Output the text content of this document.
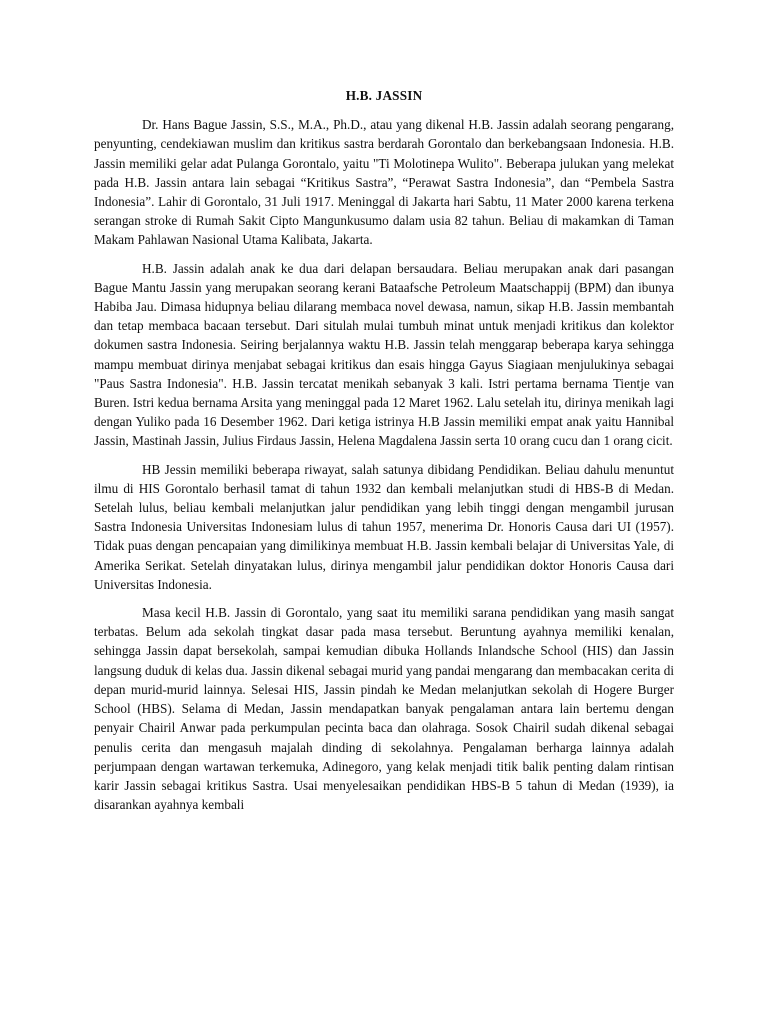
H.B. JASSIN

Dr. Hans Bague Jassin, S.S., M.A., Ph.D., atau yang dikenal H.B. Jassin adalah seorang pengarang, penyunting, cendekiawan muslim dan kritikus sastra berdarah Gorontalo dan berkebangsaan Indonesia. H.B. Jassin memiliki gelar adat Pulanga Gorontalo, yaitu "Ti Molotinepa Wulito". Beberapa julukan yang melekat pada H.B. Jassin antara lain sebagai “Kritikus Sastra”, “Perawat Sastra Indonesia”, dan “Pembela Sastra Indonesia”. Lahir di Gorontalo, 31 Juli 1917. Meninggal di Jakarta hari Sabtu, 11 Mater 2000 karena terkena serangan stroke di Rumah Sakit Cipto Mangunkusumo dalam usia 82 tahun. Beliau di makamkan di Taman Makam Pahlawan Nasional Utama Kalibata, Jakarta.

H.B. Jassin adalah anak ke dua dari delapan bersaudara. Beliau merupakan anak dari pasangan Bague Mantu Jassin yang merupakan seorang kerani Bataafsche Petroleum Maatschappij (BPM) dan ibunya Habiba Jau. Dimasa hidupnya beliau dilarang membaca novel dewasa, namun, sikap H.B. Jassin membantah dan tetap membaca bacaan tersebut. Dari situlah mulai tumbuh minat untuk menjadi kritikus dan kolektor dokumen sastra Indonesia. Seiring berjalannya waktu H.B. Jassin telah menggarap beberapa karya sehingga mampu membuat dirinya menjabat sebagai kritikus dan esais hingga Gayus Siagiaan menjulukinya sebagai "Paus Sastra Indonesia". H.B. Jassin tercatat menikah sebanyak 3 kali. Istri pertama bernama Tientje van Buren. Istri kedua bernama Arsita yang meninggal pada 12 Maret 1962. Lalu setelah itu, dirinya menikah lagi dengan Yuliko pada 16 Desember 1962. Dari ketiga istrinya H.B Jassin memiliki empat anak yaitu Hannibal Jassin, Mastinah Jassin, Julius Firdaus Jassin, Helena Magdalena Jassin serta 10 orang cucu dan 1 orang cicit.

HB Jessin memiliki beberapa riwayat, salah satunya dibidang Pendidikan. Beliau dahulu menuntut ilmu di HIS Gorontalo berhasil tamat di tahun 1932 dan kembali melanjutkan studi di HBS-B di Medan. Setelah lulus, beliau kembali melanjutkan jalur pendidikan yang lebih tinggi dengan mengambil jurusan Sastra Indonesia Universitas Indonesiam lulus di tahun 1957, menerima Dr. Honoris Causa dari UI (1957). Tidak puas dengan pencapaian yang dimilikinya membuat H.B. Jassin kembali belajar di Universitas Yale, di Amerika Serikat. Setelah dinyatakan lulus, dirinya mengambil jalur pendidikan doktor Honoris Causa dari Universitas Indonesia.

Masa kecil H.B. Jassin di Gorontalo, yang saat itu memiliki sarana pendidikan yang masih sangat terbatas. Belum ada sekolah tingkat dasar pada masa tersebut. Beruntung ayahnya memiliki kenalan, sehingga Jassin dapat bersekolah, sampai kemudian dibuka Hollands Inlandsche School (HIS) dan Jassin langsung duduk di kelas dua. Jassin dikenal sebagai murid yang pandai mengarang dan membacakan cerita di depan murid-murid lainnya. Selesai HIS, Jassin pindah ke Medan melanjutkan sekolah di Hogere Burger School (HBS). Selama di Medan, Jassin mendapatkan banyak pengalaman antara lain bertemu dengan penyair Chairil Anwar pada perkumpulan pecinta baca dan olahraga. Sosok Chairil sudah dikenal sebagai penulis cerita dan mengasuh majalah dinding di sekolahnya. Pengalaman berharga lainnya adalah perjumpaan dengan wartawan terkemuka, Adinegoro, yang kelak menjadi titik balik penting dalam rintisan karir Jassin sebagai kritikus Sastra. Usai menyelesaikan pendidikan HBS-B 5 tahun di Medan (1939), ia disarankan ayahnya kembali
